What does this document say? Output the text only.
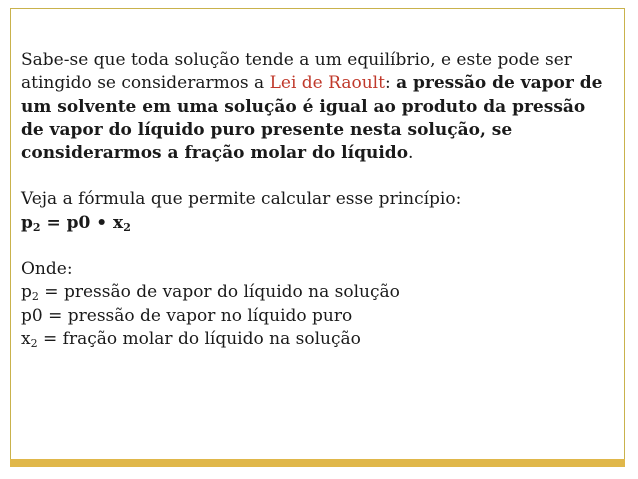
Sabe-se que toda solução tende a um equilíbrio, e este pode ser atingido se considerarmos a Lei de Raoult: a pressão de vapor de um solvente em uma solução é igual ao produto da pressão de vapor do líquido puro presente nesta solução, se considerarmos a fração molar do líquido.

Veja a fórmula que permite calcular esse princípio:

$p_2 = p0$ • $x_2$

Onde:

$p_2$ = pressão de vapor do líquido na solução

p0 = pressão de vapor no líquido puro

$x_2$ = fração molar do líquido na solução
